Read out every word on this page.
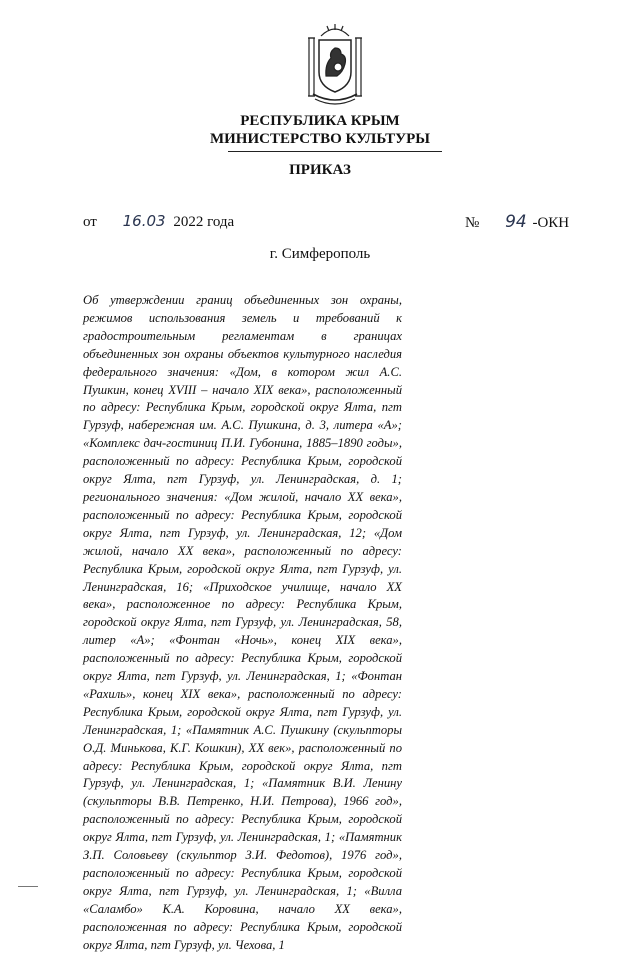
РЕСПУБЛИКА КРЫМ
МИНИСТЕРСТВО КУЛЬТУРЫ
ПРИКАЗ
от 16.03 2022 года	№ 94 -ОКН
г. Симферополь
Об утверждении границ объединенных зон охраны, режимов использования земель и требований к градостроительным регламентам в границах объединенных зон охраны объектов культурного наследия федерального значения: «Дом, в котором жил А.С. Пушкин, конец XVIII – начало XIX века», расположенный по адресу: Республика Крым, городской округ Ялта, пгт Гурзуф, набережная им. А.С. Пушкина, д. 3, литера «А»; «Комплекс дач-гостиниц П.И. Губонина, 1885–1890 годы», расположенный по адресу: Республика Крым, городской округ Ялта, пгт Гурзуф, ул. Ленинградская, д. 1; регионального значения: «Дом жилой, начало XX века», расположенный по адресу: Республика Крым, городской округ Ялта, пгт Гурзуф, ул. Ленинградская, 12; «Дом жилой, начало XX века», расположенный по адресу: Республика Крым, городской округ Ялта, пгт Гурзуф, ул. Ленинградская, 16; «Приходское училище, начало XX века», расположенное по адресу: Республика Крым, городской округ Ялта, пгт Гурзуф, ул. Ленинградская, 58, литер «А»; «Фонтан «Ночь», конец XIX века», расположенный по адресу: Республика Крым, городской округ Ялта, пгт Гурзуф, ул. Ленинградская, 1; «Фонтан «Рахиль», конец XIX века», расположенный по адресу: Республика Крым, городской округ Ялта, пгт Гурзуф, ул. Ленинградская, 1; «Памятник А.С. Пушкину (скульпторы О.Д. Минькова, К.Г. Кошкин), XX век», расположенный по адресу: Республика Крым, городской округ Ялта, пгт Гурзуф, ул. Ленинградская, 1; «Памятник В.И. Ленину (скульпторы В.В. Петренко, Н.И. Петрова), 1966 год», расположенный по адресу: Республика Крым, городской округ Ялта, пгт Гурзуф, ул. Ленинградская, 1; «Памятник З.П. Соловьеву (скульптор З.И. Федотов), 1976 год», расположенный по адресу: Республика Крым, городской округ Ялта, пгт Гурзуф, ул. Ленинградская, 1; «Вилла «Саламбо» К.А. Коровина, начало XX века», расположенная по адресу: Республика Крым, городской округ Ялта, пгт Гурзуф, ул. Чехова, 1
